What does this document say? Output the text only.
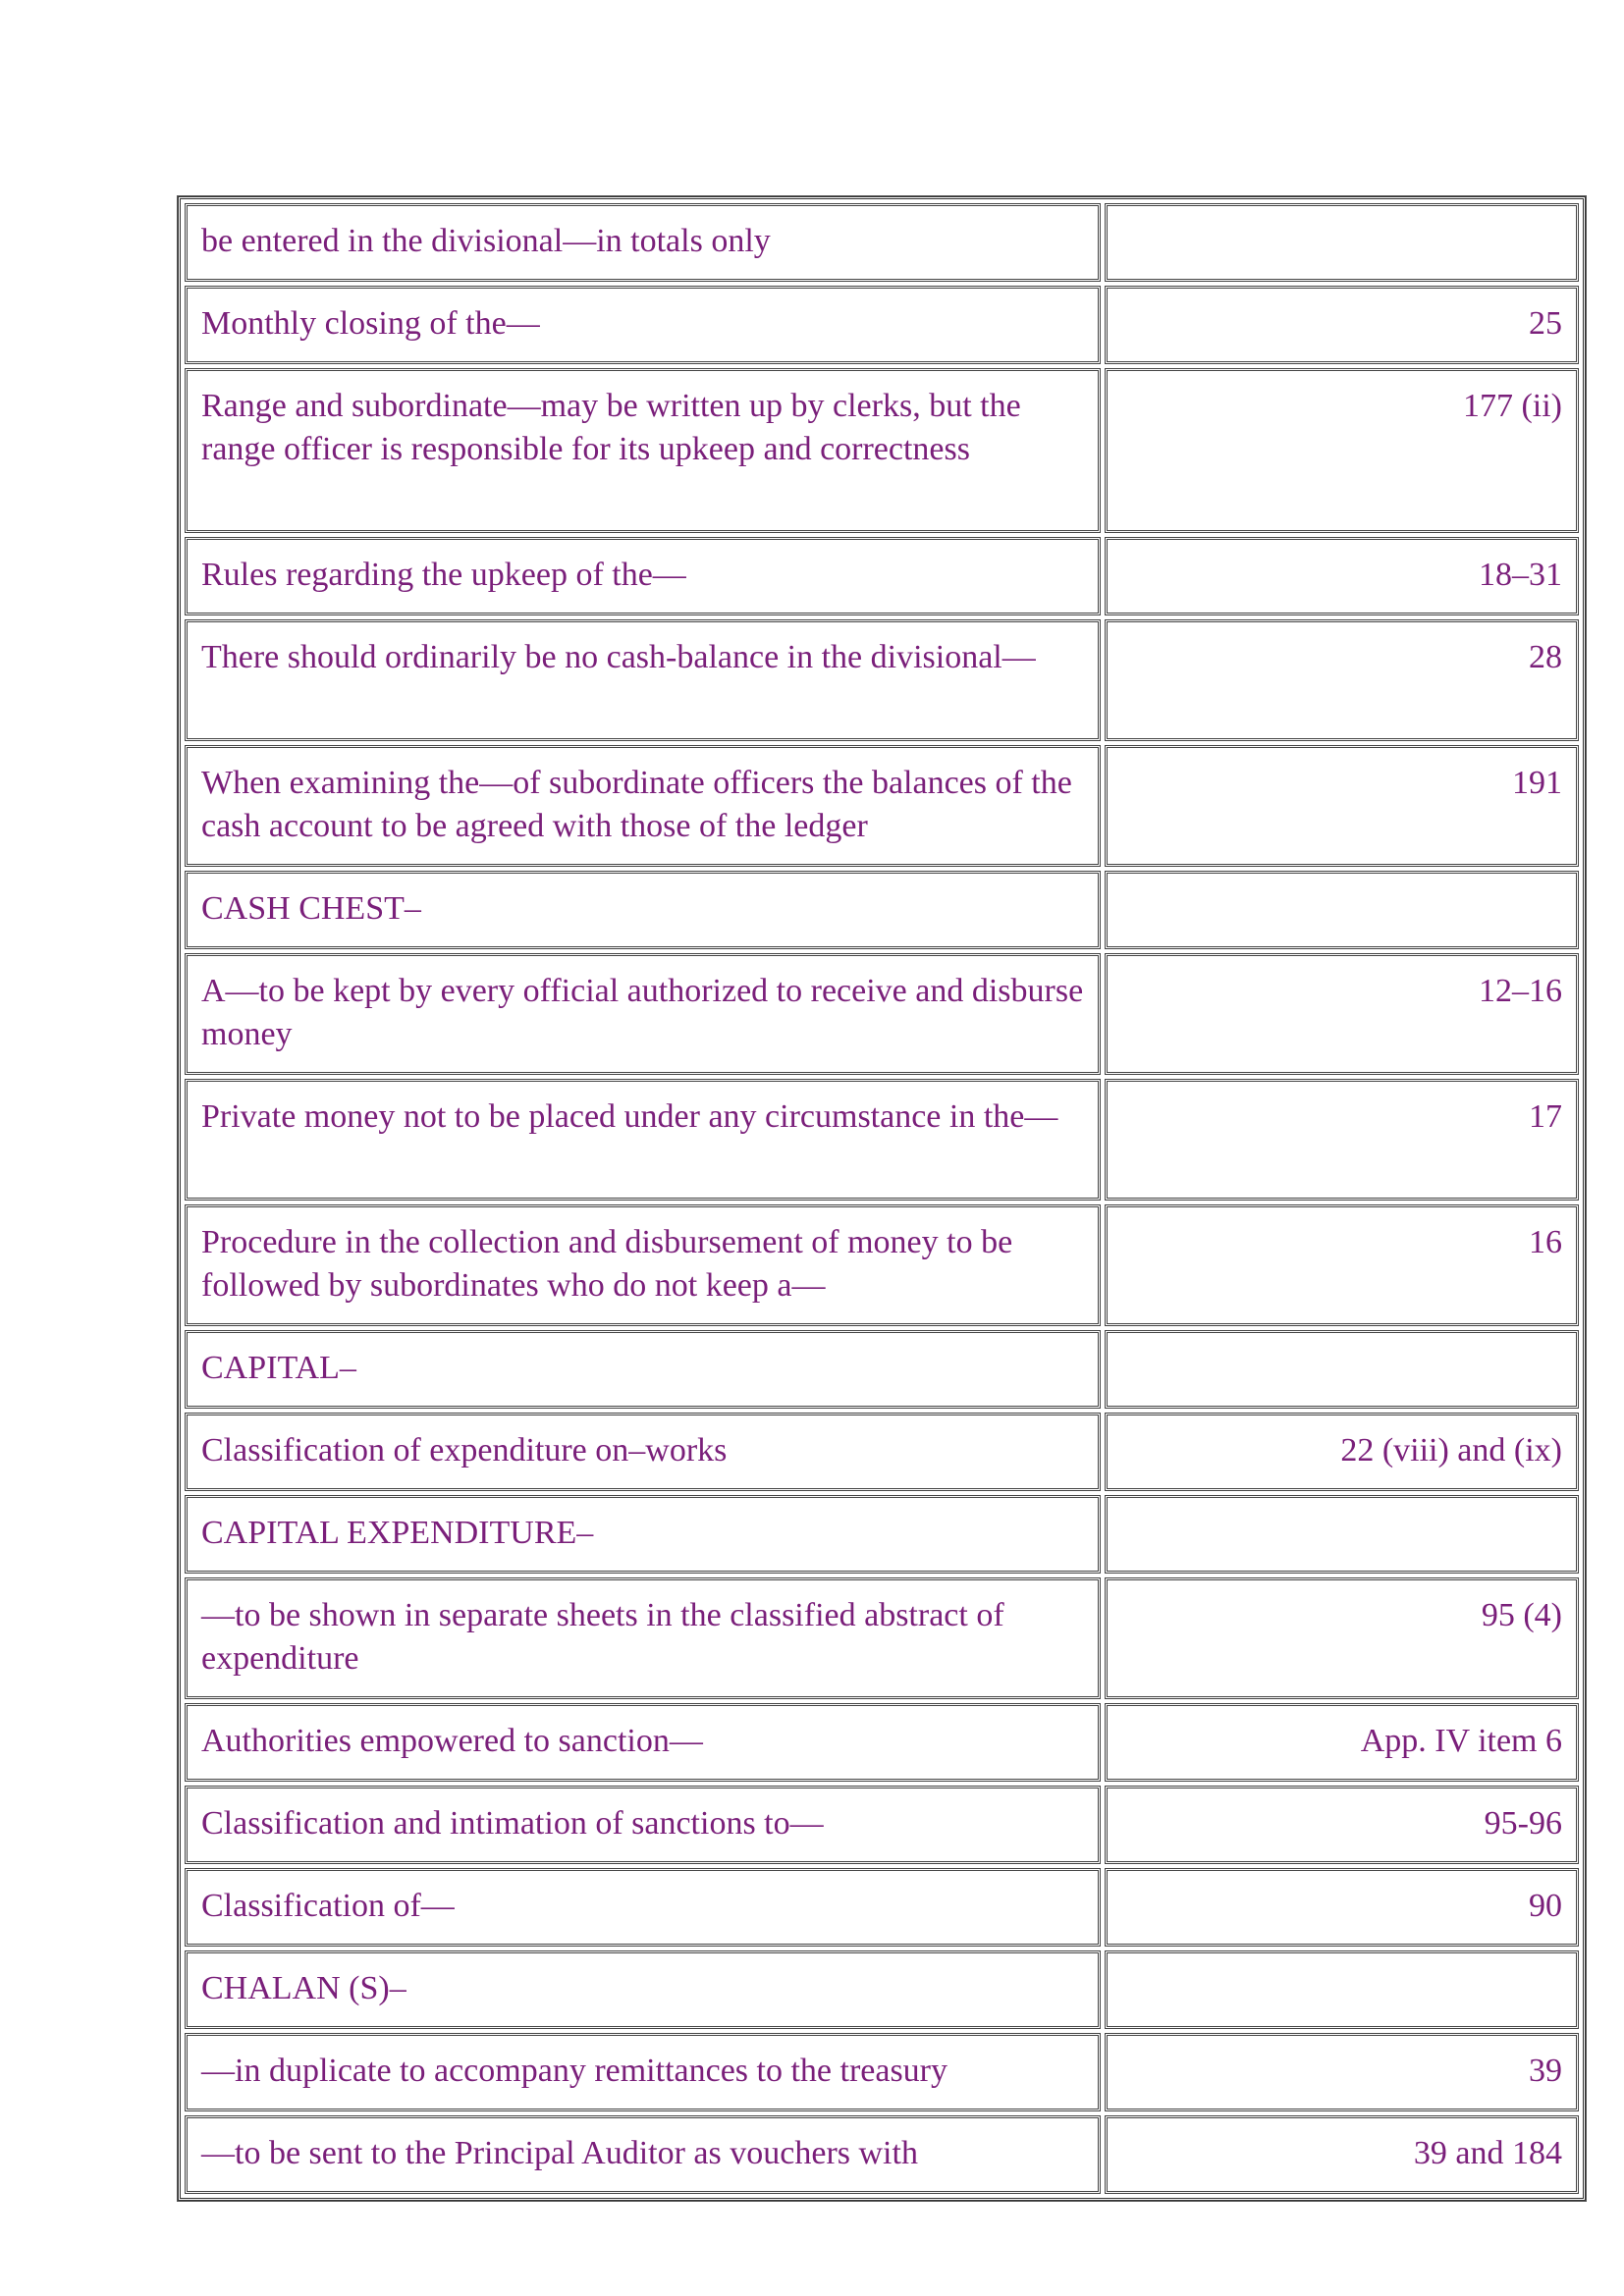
be entered in the divisional—in totals only	
Monthly closing of the—	25
Range and subordinate—may be written up by clerks, but the range officer is responsible for its upkeep and correctness	177 (ii)
Rules regarding the upkeep of the—	18–31
There should ordinarily be no cash-balance in the divisional—	28
When examining the—of subordinate officers the balances of the cash account to be agreed with those of the ledger	191
CASH CHEST–	
A—to be kept by every official authorized to receive and disburse money	12–16
Private money not to be placed under any circumstance in the—	17
Procedure in the collection and disbursement of money to be followed by subordinates who do not keep a—	16
CAPITAL–	
Classification of expenditure on–works	22 (viii) and (ix)
CAPITAL EXPENDITURE–	
—to be shown in separate sheets in the classified abstract of expenditure	95 (4)
Authorities empowered to sanction—	App. IV item 6
Classification and intimation of sanctions to—	95-96
Classification of—	90
CHALAN (S)–	
—in duplicate to accompany remittances to the treasury	39
—to be sent to the Principal Auditor as vouchers with	39 and 184
